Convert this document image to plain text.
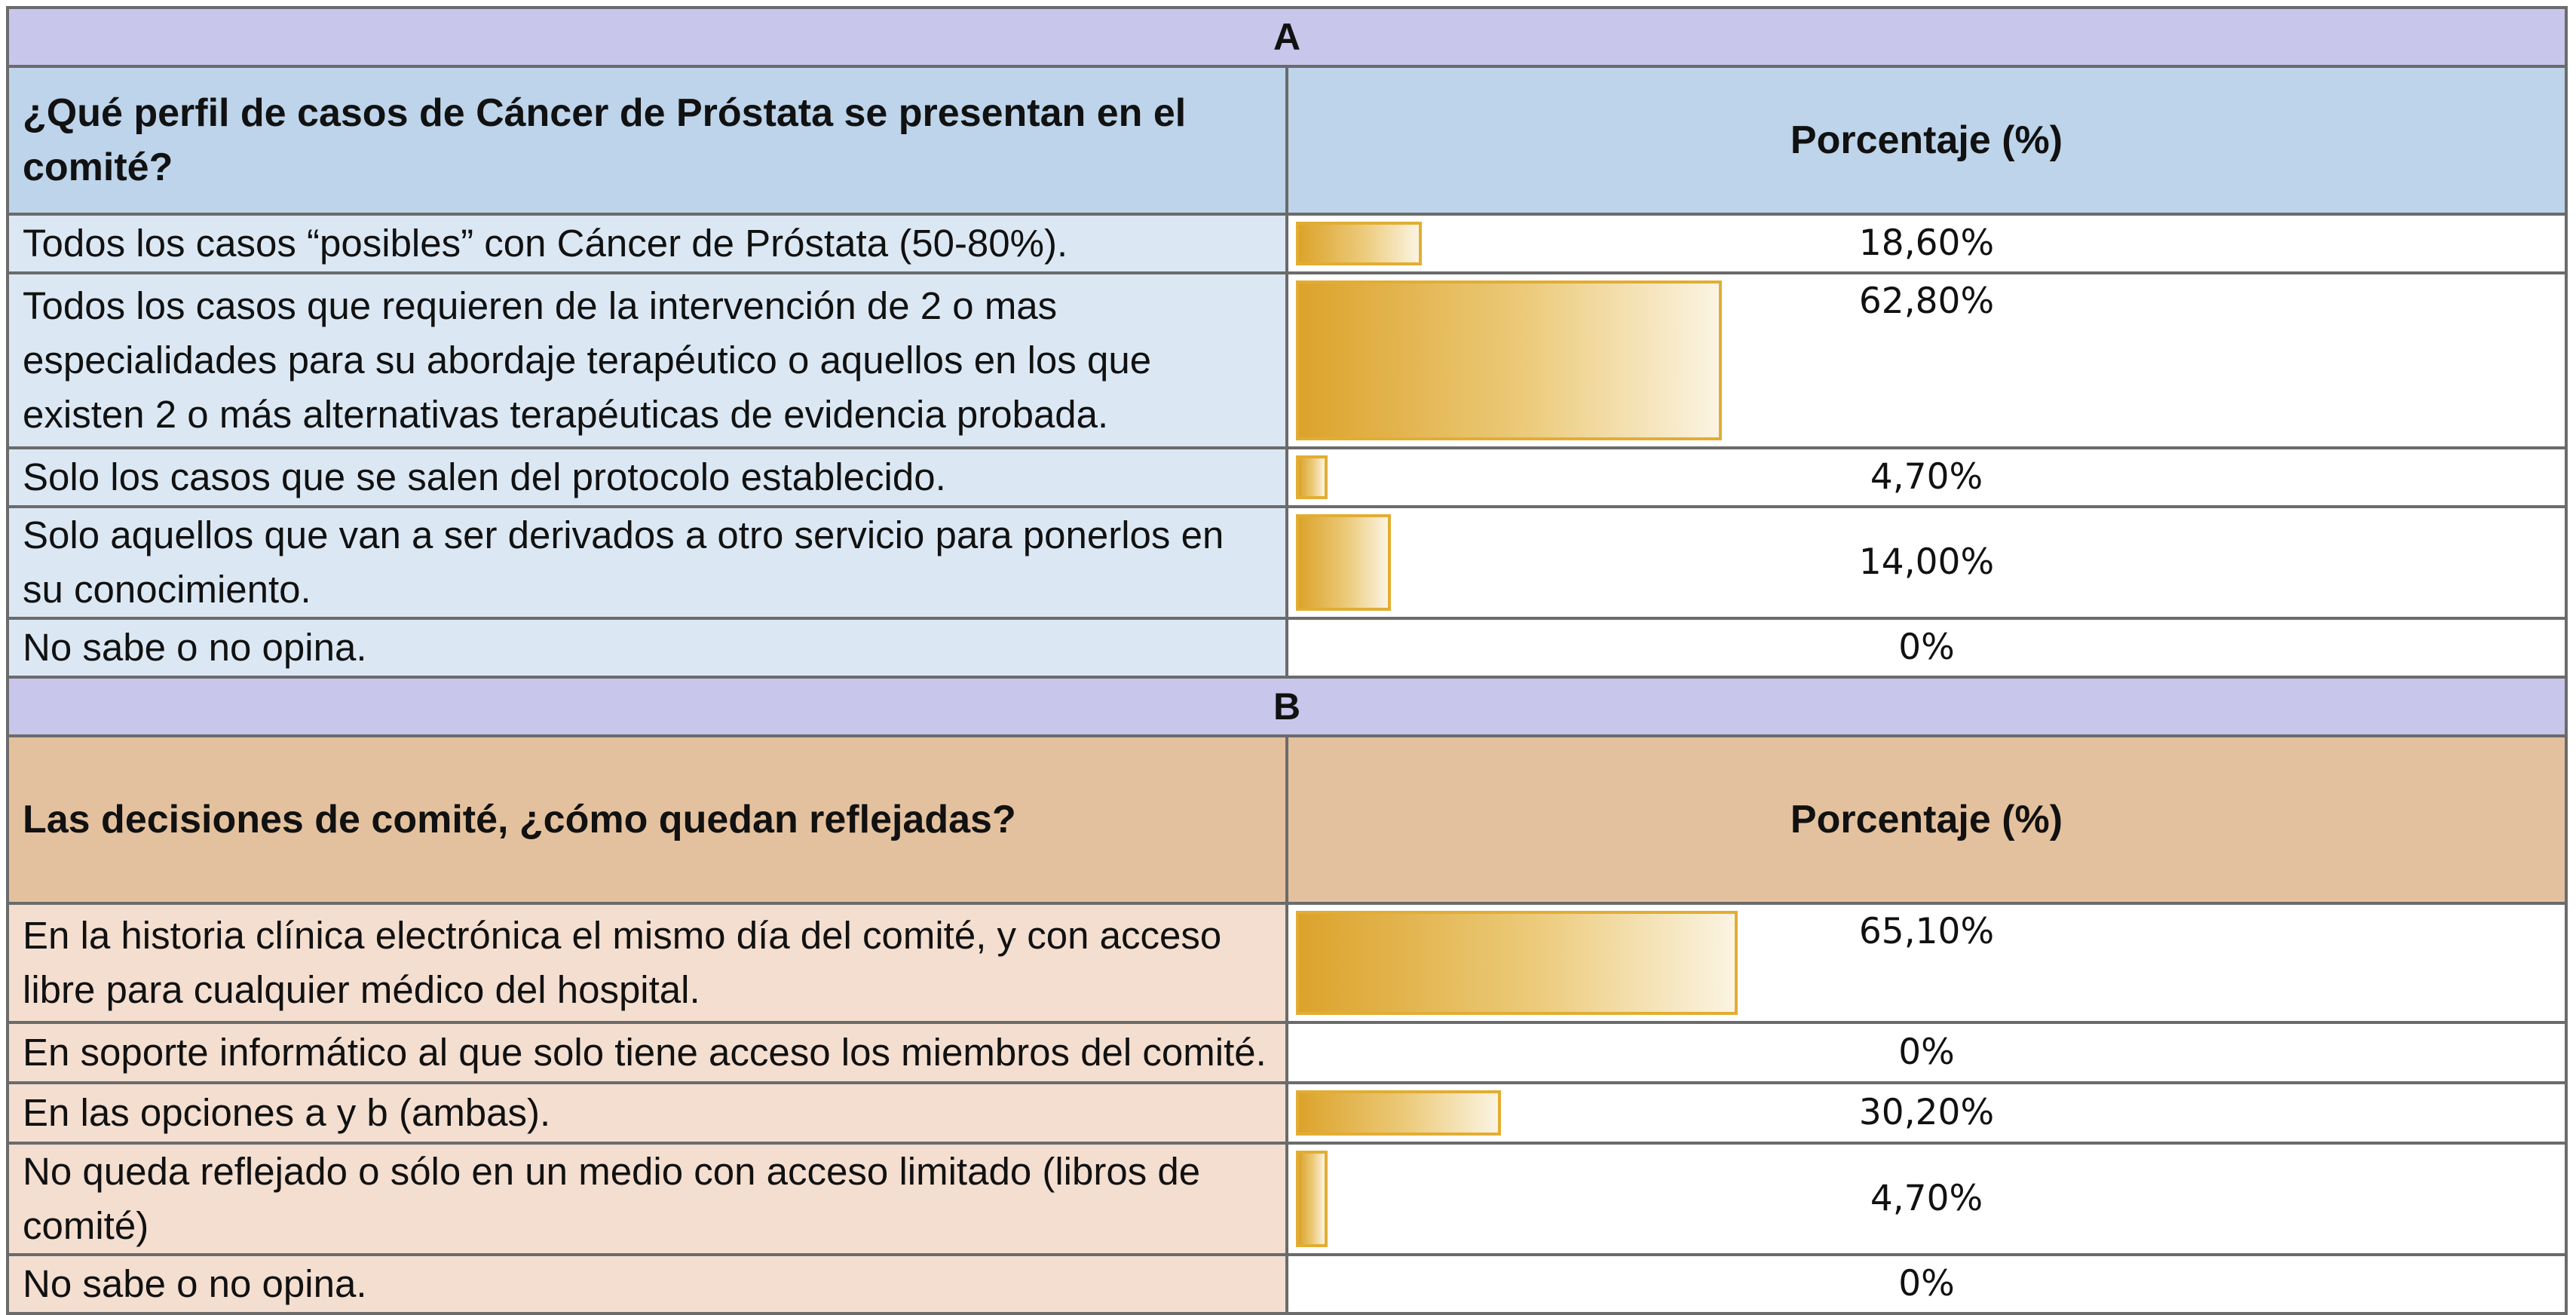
A	
¿Qué perfil de casos de Cáncer de Próstata se presentan en el comité?	Porcentaje (%)
Todos los casos “posibles” con Cáncer de Próstata (50-80%).	18,60%

Todos los casos que requieren de la intervención de 2 o mas especialidades para su abordaje terapéutico o aquellos en los que existen 2 o más alternativas terapéuticas de evidencia probada.	62,80%

Solo los casos que se salen del protocolo establecido.	4,70%

Solo aquellos que van a ser derivados a otro servicio para ponerlos en su conocimiento.	14,00%

No sabe o no opina.	0%

B	
Las decisiones de comité, ¿cómo quedan reflejadas?	Porcentaje (%)
En la historia clínica electrónica el mismo día del comité, y con acceso libre para cualquier médico del hospital.	65,10%

En soporte informático al que solo tiene acceso los miembros del comité.	0%

En las opciones a y b (ambas).	30,20%

No queda reflejado o sólo en un medio con acceso limitado (libros de comité)	4,70%

No sabe o no opina.	0%
